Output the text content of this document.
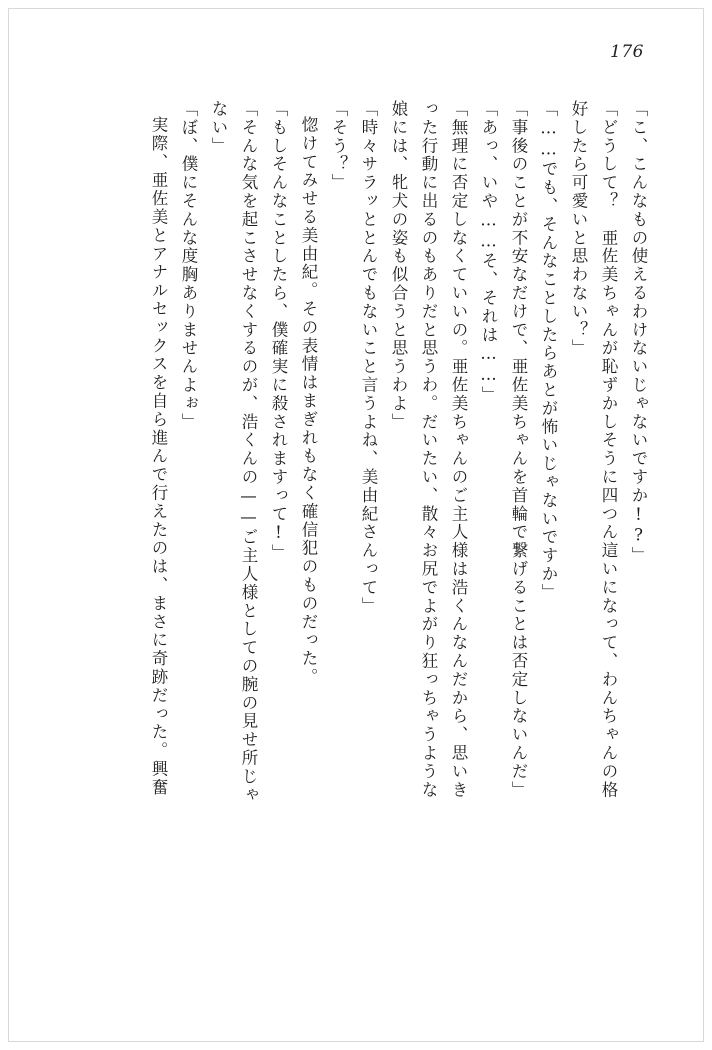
176
「こ、こんなもの使えるわけないじゃないですか!?」
「どうして？　亜佐美ちゃんが恥ずかしそうに四つん這いになって、わんちゃんの格
好したら可愛いと思わない？」
「……でも、そんなことしたらあとが怖いじゃないですか」
「事後のことが不安なだけで、亜佐美ちゃんを首輪で繋げることは否定しないんだ」
「あっ、いや……そ、それは……」
「無理に否定しなくていいの。亜佐美ちゃんのご主人様は浩くんなんだから、思いき
った行動に出るのもありだと思うわ。だいたい、散々お尻でよがり狂っちゃうような
娘には、牝犬の姿も似合うと思うわよ」
「時々サラッととんでもないこと言うよね、美由紀さんって」
「そう？」
惚けてみせる美由紀。その表情はまぎれもなく確信犯のものだった。
「もしそんなことしたら、僕確実に殺されますって!」
「そんな気を起こさせなくするのが、浩くんの——ご主人様としての腕の見せ所じゃ
ない」
「ぼ、僕にそんな度胸ありませんよぉ」
実際、亜佐美とアナルセックスを自ら進んで行えたのは、まさに奇跡だった。興奮
